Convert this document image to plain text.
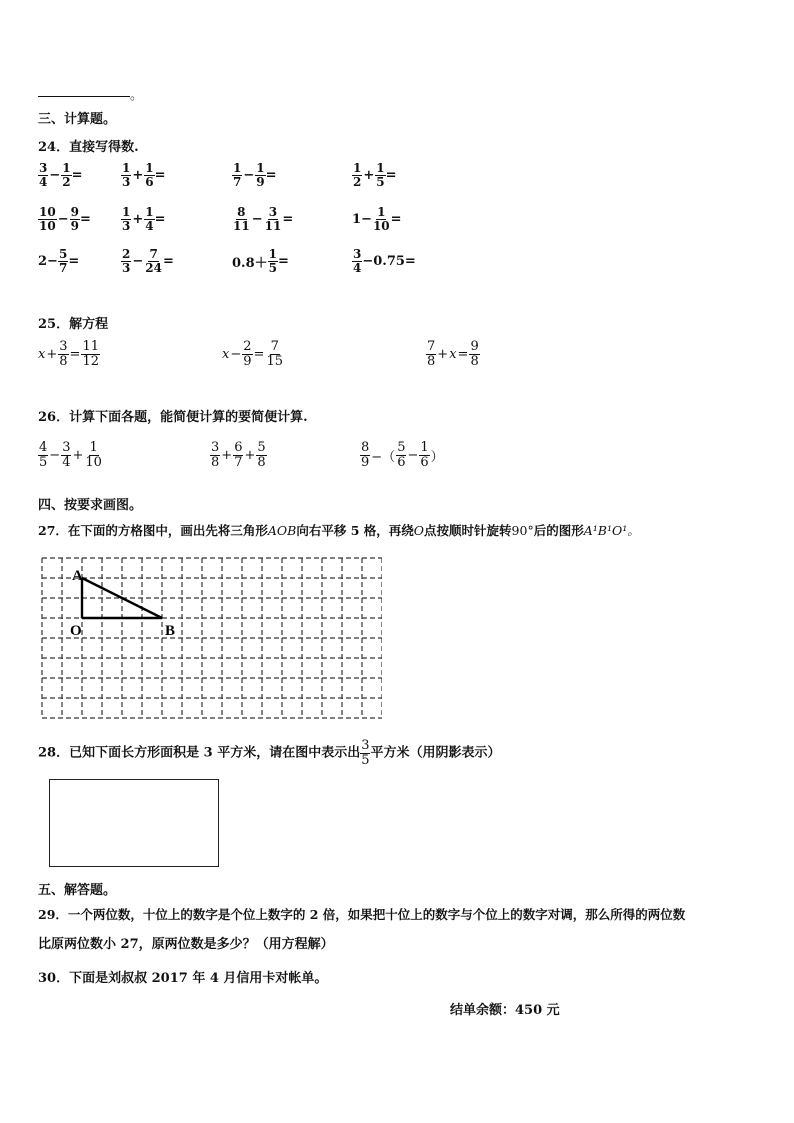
。
三、计算题。
24．直接写得数.
$\frac{3}{4} - \frac{1}{2}$ =	$\frac{1}{3} + \frac{1}{6}$ =	$\frac{1}{7} - \frac{1}{9}$ =	$\frac{1}{2} + \frac{1}{5}$ =
$\frac{10}{10} - \frac{9}{9}$ =	$\frac{1}{3} + \frac{1}{4}$ =	$\frac{8}{11} - \frac{3}{11}$ =	$1- \frac{1}{10}$ =
$2- \frac{5}{7}$ =	$\frac{2}{3} - \frac{7}{24}$ =	$0.8+ \frac{1}{5}$ =	$\frac{3}{4} -0.75=$
25．解方程
$x + \frac{3}{8} = \frac{11}{12}$	$x - \frac{2}{9} = \frac{7}{15}$	$\frac{7}{8} + x = \frac{9}{8}$
26．计算下面各题，能简便计算的要简便计算.
$\frac{4}{5} - \frac{3}{4} + \frac{1}{10}$	$\frac{3}{8} + \frac{6}{7} + \frac{5}{8}$	$\frac{8}{9}$ −（ $\frac{5}{6} - \frac{1}{6}$ ）
四、按要求画图。
27．在下面的方格图中，画出先将三角形AOB向右平移 5 格，再绕O点按顺时针旋转90°后的图形A¹B¹O¹。
A
O	B
28．已知下面长方形面积是 3 平方米，请在图中表示出 $\frac{3}{5}$ 平方米（用阴影表示）
五、解答题。
29．一个两位数，十位上的数字是个位上数字的 2 倍，如果把十位上的数字与个位上的数字对调，那么所得的两位数
比原两位数小 27，原两位数是多少？（用方程解）
30．下面是刘叔叔 2017 年 4 月信用卡对帐单。
结单余额：450 元
